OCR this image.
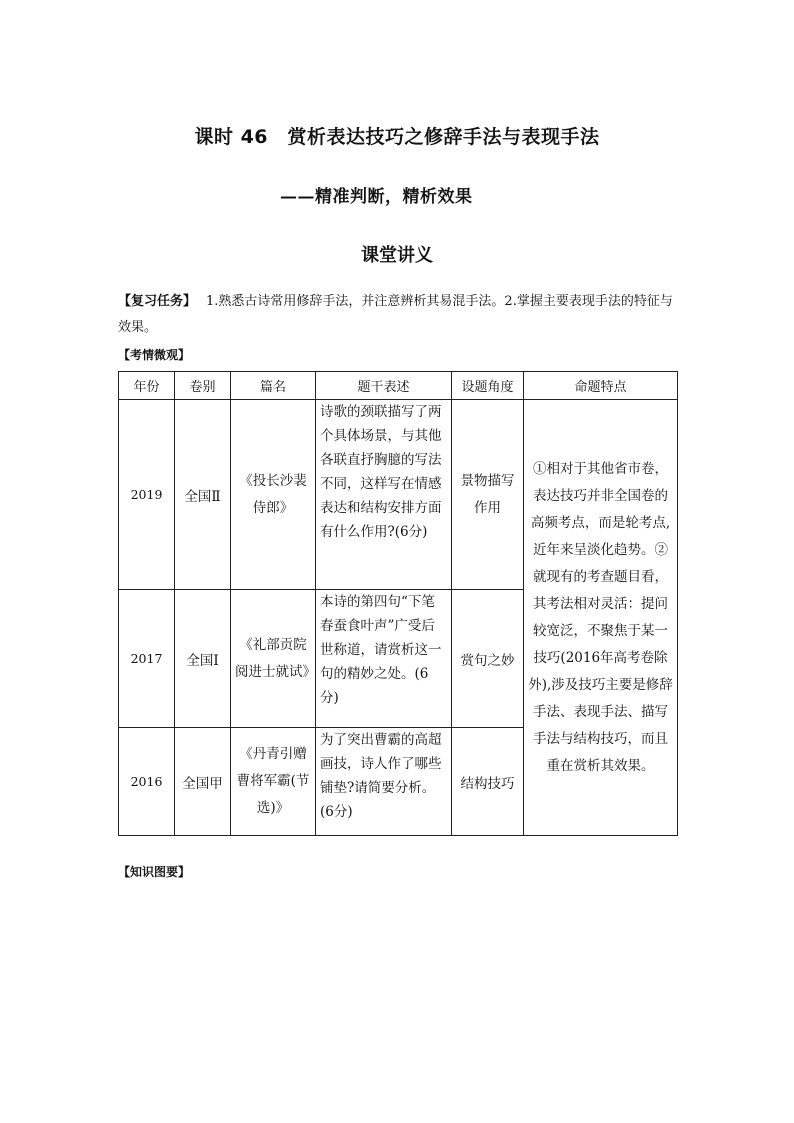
课时 46　赏析表达技巧之修辞手法与表现手法
——精准判断，精析效果
课堂讲义
【复习任务】 1.熟悉古诗常用修辞手法，并注意辨析其易混手法。2.掌握主要表现手法的特征与效果。
【考情微观】
年份	卷别	篇名	题干表述	设题角度	命题特点
2019	全国Ⅱ	《投长沙裴侍郎》	诗歌的颈联描写了两个具体场景，与其他各联直抒胸臆的写法不同，这样写在情感表达和结构安排方面有什么作用?(6分)	景物描写作用	①相对于其他省市卷，表达技巧并非全国卷的高频考点，而是轮考点,近年来呈淡化趋势。②就现有的考查题目看，其考法相对灵活：提问较宽泛，不聚焦于某一技巧(2016年高考卷除外),涉及技巧主要是修辞手法、表现手法、描写手法与结构技巧，而且重在赏析其效果。
2017	全国Ⅰ	《礼部贡院阅进士就试》	本诗的第四句“下笔春蚕食叶声”广受后世称道，请赏析这一句的精妙之处。(6分)	赏句之妙	
2016	全国甲	《丹青引赠曹将军霸(节选)》	为了突出曹霸的高超画技，诗人作了哪些铺垫?请简要分析。(6分)	结构技巧	
【知识图要】
